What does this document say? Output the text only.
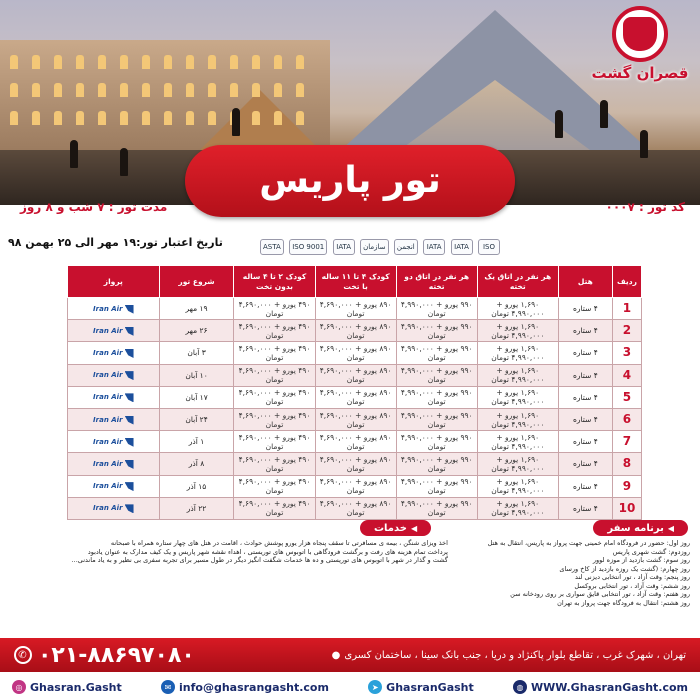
قصران گشت
تور پاریس
کد تور : ۰۰۰۷
مدت تور : ۷ شب و ۸ روز
تاریخ اعتبار تور:۱۹ مهر الی ۲۵ بهمن ۹۸	ASTA	ISO 9001	IATA	سازمان	انجمن	IATA	IATA	ISO
ردیف	هتل	هر نفر در اتاق یک تخته	هر نفر در اتاق دو تخته	کودک ۴ تا ۱۱ ساله با تخت	کودک ۲ تا ۴ ساله بدون تخت	شروع تور	پرواز
1	۴ ستاره	۱,۶۹۰ یورو + ۴,۹۹۰,۰۰۰ تومان	۹۹۰ یورو + ۴,۹۹۰,۰۰۰ تومان	۸۹۰ یورو + ۴,۶۹۰,۰۰۰ تومان	۴۹۰ یورو + ۴,۶۹۰,۰۰۰ تومان	۱۹ مهر	Iran Air

2	۴ ستاره	۱,۶۹۰ یورو + ۴,۹۹۰,۰۰۰ تومان	۹۹۰ یورو + ۴,۹۹۰,۰۰۰ تومان	۸۹۰ یورو + ۴,۶۹۰,۰۰۰ تومان	۴۹۰ یورو + ۴,۶۹۰,۰۰۰ تومان	۲۶ مهر	Iran Air

3	۴ ستاره	۱,۶۹۰ یورو + ۴,۹۹۰,۰۰۰ تومان	۹۹۰ یورو + ۴,۹۹۰,۰۰۰ تومان	۸۹۰ یورو + ۴,۶۹۰,۰۰۰ تومان	۴۹۰ یورو + ۴,۶۹۰,۰۰۰ تومان	۳ آبان	Iran Air

4	۴ ستاره	۱,۶۹۰ یورو + ۴,۹۹۰,۰۰۰ تومان	۹۹۰ یورو + ۴,۹۹۰,۰۰۰ تومان	۸۹۰ یورو + ۴,۶۹۰,۰۰۰ تومان	۴۹۰ یورو + ۴,۶۹۰,۰۰۰ تومان	۱۰ آبان	Iran Air

5	۴ ستاره	۱,۶۹۰ یورو + ۴,۹۹۰,۰۰۰ تومان	۹۹۰ یورو + ۴,۹۹۰,۰۰۰ تومان	۸۹۰ یورو + ۴,۶۹۰,۰۰۰ تومان	۴۹۰ یورو + ۴,۶۹۰,۰۰۰ تومان	۱۷ آبان	Iran Air

6	۴ ستاره	۱,۶۹۰ یورو + ۴,۹۹۰,۰۰۰ تومان	۹۹۰ یورو + ۴,۹۹۰,۰۰۰ تومان	۸۹۰ یورو + ۴,۶۹۰,۰۰۰ تومان	۴۹۰ یورو + ۴,۶۹۰,۰۰۰ تومان	۲۴ آبان	Iran Air

7	۴ ستاره	۱,۶۹۰ یورو + ۴,۹۹۰,۰۰۰ تومان	۹۹۰ یورو + ۴,۹۹۰,۰۰۰ تومان	۸۹۰ یورو + ۴,۶۹۰,۰۰۰ تومان	۴۹۰ یورو + ۴,۶۹۰,۰۰۰ تومان	۱ آذر	Iran Air

8	۴ ستاره	۱,۶۹۰ یورو + ۴,۹۹۰,۰۰۰ تومان	۹۹۰ یورو + ۴,۹۹۰,۰۰۰ تومان	۸۹۰ یورو + ۴,۶۹۰,۰۰۰ تومان	۴۹۰ یورو + ۴,۶۹۰,۰۰۰ تومان	۸ آذر	Iran Air

9	۴ ستاره	۱,۶۹۰ یورو + ۴,۹۹۰,۰۰۰ تومان	۹۹۰ یورو + ۴,۹۹۰,۰۰۰ تومان	۸۹۰ یورو + ۴,۶۹۰,۰۰۰ تومان	۴۹۰ یورو + ۴,۶۹۰,۰۰۰ تومان	۱۵ آذر	Iran Air

10	۴ ستاره	۱,۶۹۰ یورو + ۴,۹۹۰,۰۰۰ تومان	۹۹۰ یورو + ۴,۹۹۰,۰۰۰ تومان	۸۹۰ یورو + ۴,۶۹۰,۰۰۰ تومان	۴۹۰ یورو + ۴,۶۹۰,۰۰۰ تومان	۲۲ آذر	Iran Air
◀
برنامه سفر
روز اول: حضور در فرودگاه امام خمینی جهت پرواز به پاریس، انتقال به هتل
روزدوم: گشت شهری پاریس
روز سوم: گشت بازدید از موزه لوور
روز چهارم: (گشت یک روزه بازدید از کاخ ورسای
روز پنجم: وقت آزاد ، تور انتخابی دیزنی لند
روز ششم: وقت آزاد ، تور انتخابی بروکسل
روز هفتم: وقت آزاد ، تور انتخابی قایق سواری بر روی رودخانه سن
روز هشتم: انتقال به فرودگاه جهت پرواز به تهران
◀
خدمات
اخذ ویزای شنگن ، بیمه ی مسافرتی تا سقف پنجاه هزار یورو پوشش حوادث ، اقامت در هتل های چهار ستاره همراه با صبحانه
پرداخت تمام هزینه های رفت و برگشت فرودگاهی با اتوبوس های توریستی ، اهداء نقشه شهر پاریس و یک کیف مدارک به عنوان یادبود
گشت و گذار در شهر با اتوبوس های توریستی و ده ها خدمات شگفت انگیز دیگر در طول مسیر برای تجربه سفری بی نظیر و به یاد ماندنی...
✆ ۰۲۱-۸۸۶۹۷۰۸۰	تهران ، شهرک غرب ، تقاطع بلوار پاکنژاد و دریا ، جنب بانک سینا ، ساختمان کسری
●
◎ Ghasran.Gasht	✉ info@ghasrangasht.com	➤ GhasranGasht	◍ WWW.GhasranGasht.com
